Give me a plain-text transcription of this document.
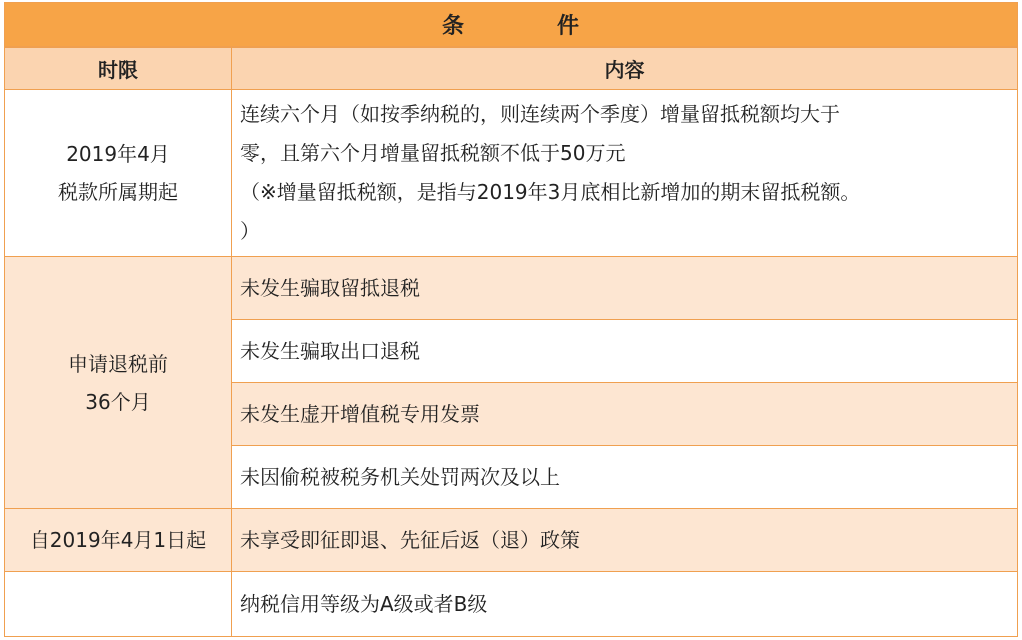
条	件
时限	内容
2019年4月
税款所属期起
连续六个月（如按季纳税的，则连续两个季度）增量留抵税额均大于
零，且第六个月增量留抵税额不低于50万元
（※增量留抵税额，是指与2019年3月底相比新增加的期末留抵税额。
）
申请退税前
36个月
未发生骗取留抵退税
未发生骗取出口退税
未发生虚开增值税专用发票
未因偷税被税务机关处罚两次及以上
自2019年4月1日起 未享受即征即退、先征后返（退）政策
纳税信用等级为A级或者B级
